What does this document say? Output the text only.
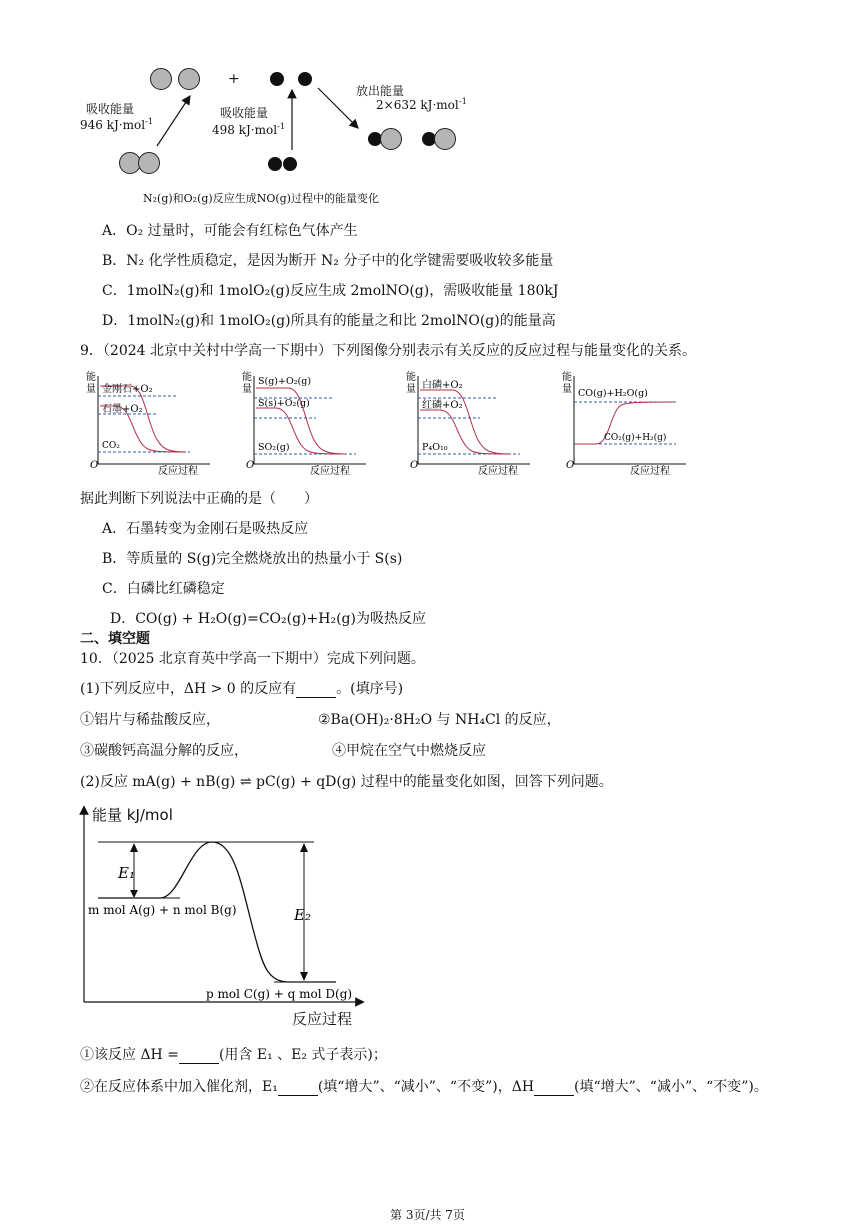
+
吸收能量
946 kJ·mol$^{-1}$
吸收能量
498 kJ·mol$^{-1}$
放出能量
2×632 kJ·mol$^{-1}$
N₂(g)和O₂(g)反应生成NO(g)过程中的能量变化
A．O₂ 过量时，可能会有红棕色气体产生
B．N₂ 化学性质稳定，是因为断开 N₂ 分子中的化学键需要吸收较多能量
C．1molN₂(g)和 1molO₂(g)反应生成 2molNO(g)，需吸收能量 180kJ
D．1molN₂(g)和 1molO₂(g)所具有的能量之和比 2molNO(g)的能量高
9．（2024 北京中关村中学高一下期中）下列图像分别表示有关反应的反应过程与能量变化的关系。
能
量 金刚石+O₂
石墨+O₂
CO₂
O
反应过程
能
量
S(g)+O₂(g)
S(s)+O₂(g)
SO₂(g)
O
反应过程
能
量 白磷+O₂
红磷+O₂
P₄O₁₀
O
反应过程
能
量 CO(g)+H₂O(g)
CO₂(g)+H₂(g)
O
反应过程
据此判断下列说法中正确的是（　　）
A．石墨转变为金刚石是吸热反应
B．等质量的 S(g)完全燃烧放出的热量小于 S(s)
C．白磷比红磷稳定
D．CO(g) + H₂O(g)=CO₂(g)+H₂(g)为吸热反应
二、填空题
10．（2025 北京育英中学高一下期中）完成下列问题。
(1)下列反应中，ΔH > 0 的反应有	。(填序号)
①铝片与稀盐酸反应，	②Ba(OH)₂·8H₂O 与 NH₄Cl 的反应，
③碳酸钙高温分解的反应，	④甲烷在空气中燃烧反应
(2)反应 mA(g) + nB(g) ⇌ pC(g) + qD(g) 过程中的能量变化如图，回答下列问题。
E₁
E₂
m mol A(g) + n mol B(g)
p mol C(g) + q mol D(g)
能量 kJ/mol
反应过程
①该反应 ΔH =	(用含 E₁ 、E₂ 式子表示)；
②在反应体系中加入催化剂，E₁	(填“增大”、“减小”、“不变”)，ΔH	(填“增大”、“减小”、“不变”)。
第 3页/共 7页
